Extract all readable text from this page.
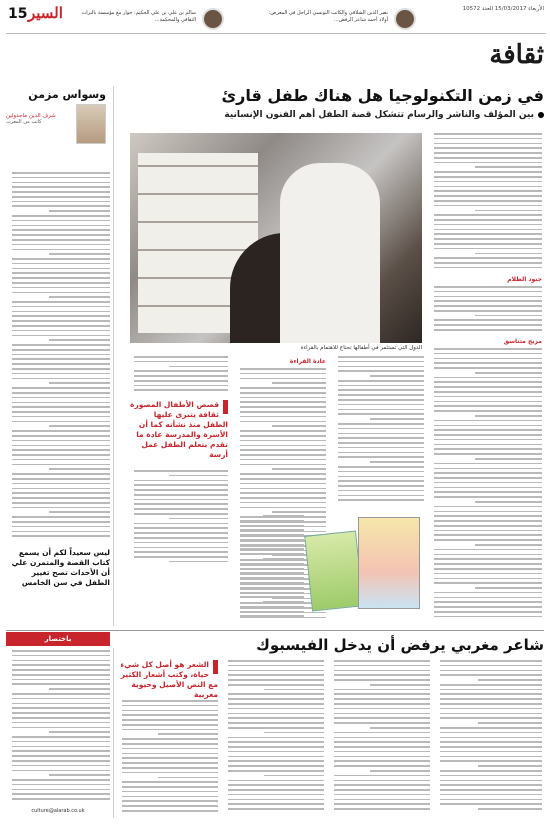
15 السير	سالم بن علي بن علي الحكيم: حوار مع مؤسسة بالتراث الثقافي والمحكمة...
نصر الدين الشلاقي والكاتب التونسي الراحل في المعرض: أولاد أحمد شاعر الرفض...
الأربعاء 15/03/2017 العدد 10572
ثقافة
في زمن التكنولوجيا هل هناك طفل قارئ
بين المؤلف والناشر والرسام تتشكل قصة الطفل أهم الفنون الإنسانية
وسواس مزمن
شرف الدين ماجدولين
كاتب من المغرب
جنود الظلام
مزيج متناسق
عادة القراءة
الدول التي تستثمر في أطفالها تحتاج للاهتمام بالقراءة
قصص الأطفال المصورة ثقافة يتبرى عليها الطفل منذ نشأته كما أن الأسرة والمدرسة عادة ما تقدم بتعلم الطفل عمل أرسة
ليس سعيداً لكم أن يسمع كتاب القصة والمتمرن علي أن الأحداث تصح تغيير الطفل في سن الخامس
باختصار	شاعر مغربي يرفض أن يدخل الفيسبوك
الشعر هو أصل كل شيء حياة، وكتب أشعار الكثير مع النص الأصيل وحيوية مغربية
culture@alarab.co.uk
